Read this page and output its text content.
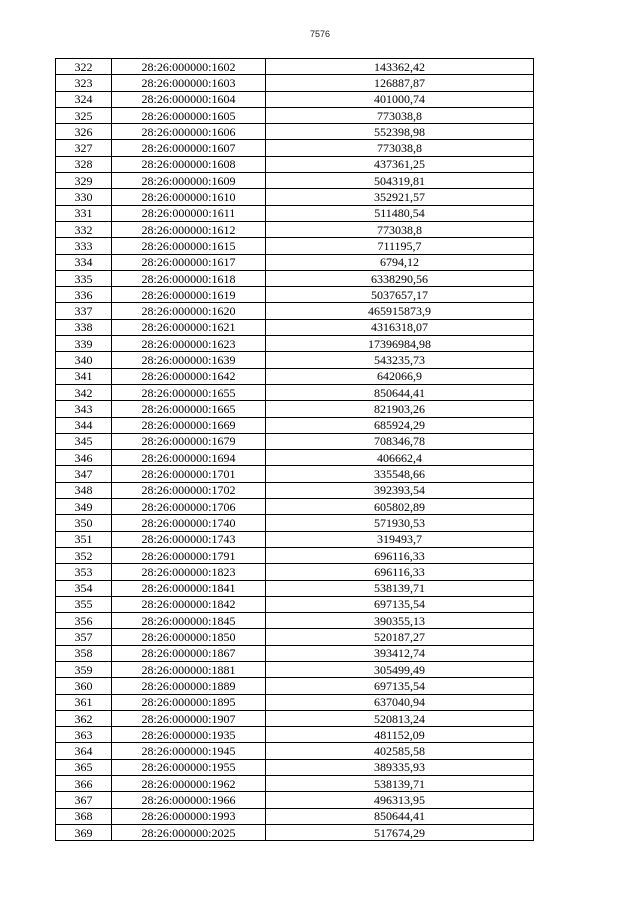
7576
322	28:26:000000:1602	143362,42
323	28:26:000000:1603	126887,87
324	28:26:000000:1604	401000,74
325	28:26:000000:1605	773038,8
326	28:26:000000:1606	552398,98
327	28:26:000000:1607	773038,8
328	28:26:000000:1608	437361,25
329	28:26:000000:1609	504319,81
330	28:26:000000:1610	352921,57
331	28:26:000000:1611	511480,54
332	28:26:000000:1612	773038,8
333	28:26:000000:1615	711195,7
334	28:26:000000:1617	6794,12
335	28:26:000000:1618	6338290,56
336	28:26:000000:1619	5037657,17
337	28:26:000000:1620	465915873,9
338	28:26:000000:1621	4316318,07
339	28:26:000000:1623	17396984,98
340	28:26:000000:1639	543235,73
341	28:26:000000:1642	642066,9
342	28:26:000000:1655	850644,41
343	28:26:000000:1665	821903,26
344	28:26:000000:1669	685924,29
345	28:26:000000:1679	708346,78
346	28:26:000000:1694	406662,4
347	28:26:000000:1701	335548,66
348	28:26:000000:1702	392393,54
349	28:26:000000:1706	605802,89
350	28:26:000000:1740	571930,53
351	28:26:000000:1743	319493,7
352	28:26:000000:1791	696116,33
353	28:26:000000:1823	696116,33
354	28:26:000000:1841	538139,71
355	28:26:000000:1842	697135,54
356	28:26:000000:1845	390355,13
357	28:26:000000:1850	520187,27
358	28:26:000000:1867	393412,74
359	28:26:000000:1881	305499,49
360	28:26:000000:1889	697135,54
361	28:26:000000:1895	637040,94
362	28:26:000000:1907	520813,24
363	28:26:000000:1935	481152,09
364	28:26:000000:1945	402585,58
365	28:26:000000:1955	389335,93
366	28:26:000000:1962	538139,71
367	28:26:000000:1966	496313,95
368	28:26:000000:1993	850644,41
369	28:26:000000:2025	517674,29
